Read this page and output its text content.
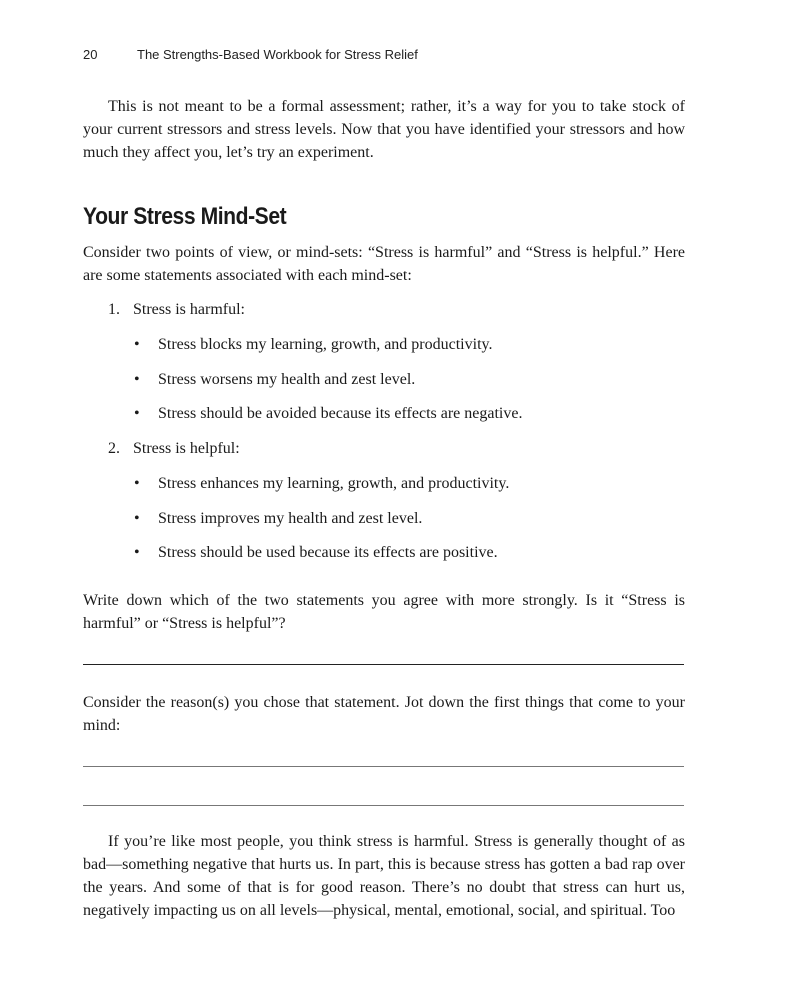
20	The Strengths-Based Workbook for Stress Relief

This is not meant to be a formal assessment; rather, it’s a way for you to take stock of your current stressors and stress levels. Now that you have identified your stressors and how much they affect you, let’s try an experiment.

Your Stress Mind-Set

Consider two points of view, or mind-sets: “Stress is harmful” and “Stress is helpful.” Here are some statements associated with each mind-set:

1. Stress is harmful:

• Stress blocks my learning, growth, and productivity.

• Stress worsens my health and zest level.

• Stress should be avoided because its effects are negative.

2. Stress is helpful:

• Stress enhances my learning, growth, and productivity.

• Stress improves my health and zest level.

• Stress should be used because its effects are positive.

Write down which of the two statements you agree with more strongly. Is it “Stress is harmful” or “Stress is helpful”?

Consider the reason(s) you chose that statement. Jot down the first things that come to your mind:

If you’re like most people, you think stress is harmful. Stress is generally thought of as bad—something negative that hurts us. In part, this is because stress has gotten a bad rap over the years. And some of that is for good reason. There’s no doubt that stress can hurt us, negatively impacting us on all levels—physical, mental, emotional, social, and spiritual. Too
